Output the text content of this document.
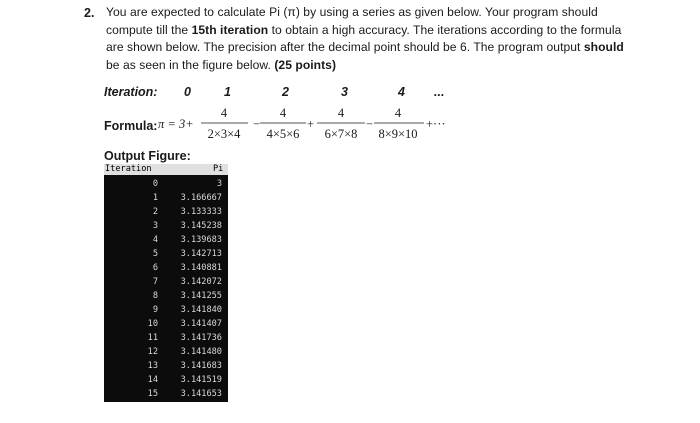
2. You are expected to calculate Pi (π) by using a series as given below. Your program should
compute till the 15th iteration to obtain a high accuracy. The iterations according to the formula
are shown below. The precision after the decimal point should be 6. The program output should
be as seen in the figure below. (25 points)
Iteration: 0	1	2	3	4 ...
Formula: π = 3+
4
2×3×4
−
4
4×5×6
+
4
6×7×8
−
4
8×9×10
+···
Output Figure:
Iteration	Pi
0	3
1	3.166667
2	3.133333
3	3.145238
4	3.139683
5	3.142713
6	3.140881
7	3.142072
8	3.141255
9	3.141840
10	3.141407
11	3.141736
12	3.141480
13	3.141683
14	3.141519
15	3.141653
